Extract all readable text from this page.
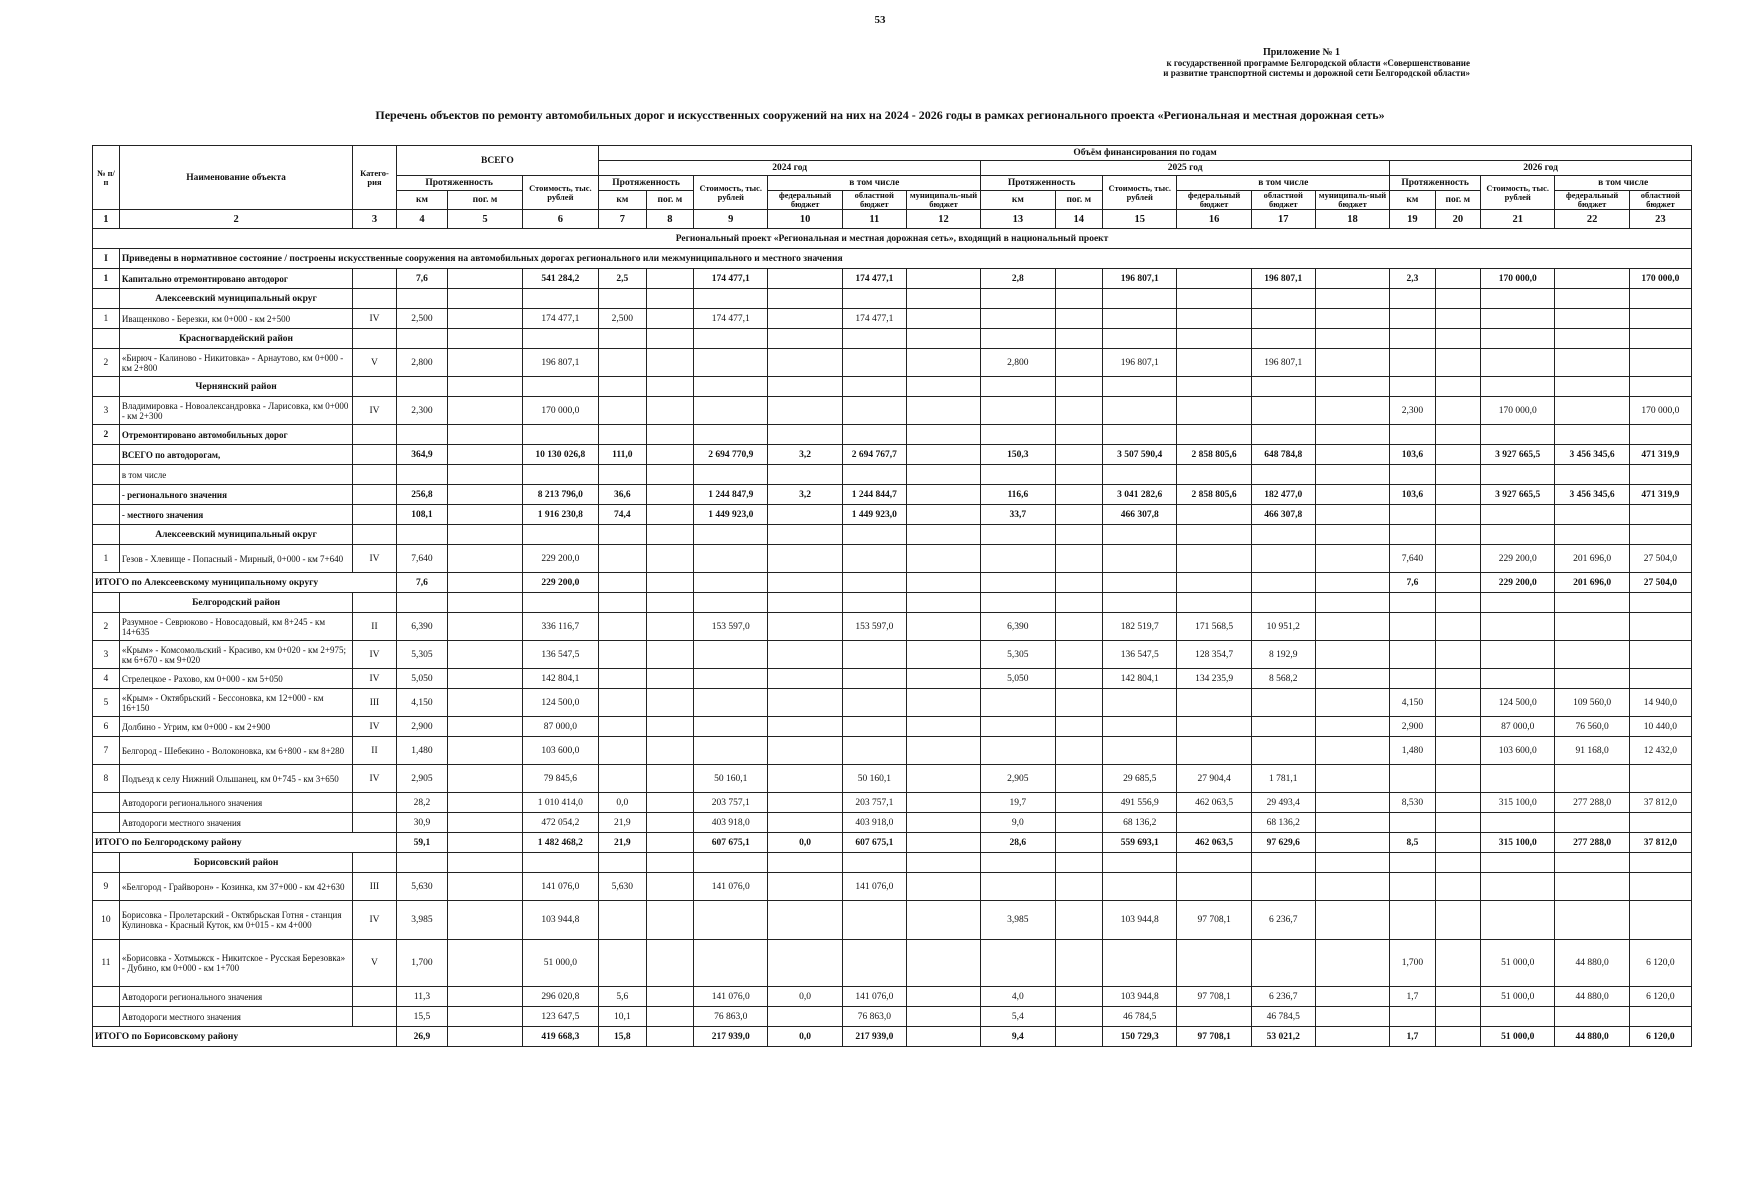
53
Приложение № 1
к государственной программе Белгородской области «Совершенствование
и развитие транспортной системы и дорожной сети Белгородской области»
Перечень объектов по ремонту автомобильных дорог и искусственных сооружений на них на 2024 - 2026 годы в рамках регионального проекта «Региональная и местная дорожная сеть»
№ п/п	Наименование объекта	Катего-рия	ВСЕГО			Объём финансирования по годам																
						2024 год						2025 год						2026 год				
			Протяженность		Стоимость, тыс. рублей	Протяженность		Стоимость, тыс. рублей	в том числе			Протяженность		Стоимость, тыс. рублей	в том числе			Протяженность		Стоимость, тыс. рублей	в том числе	
			км	пог. м		км	пог. м		федеральный бюджет	областной бюджет	муниципаль-ный бюджет	км	пог. м		федеральный бюджет	областной бюджет	муниципаль-ный бюджет	км	пог. м		федеральный бюджет	областной бюджет
1	2	3	4	5	6	7	8	9	10	11	12	13	14	15	16	17	18	19	20	21	22	23
Региональный проект «Региональная и местная дорожная сеть», входящий в национальный проект																						
I	Приведены в нормативное состояние / построены искусственные сооружения на автомобильных дорогах регионального или межмуниципального и местного значения																					
1	Капитально отремонтировано автодорог		7,6		541 284,2	2,5		174 477,1		174 477,1		2,8		196 807,1		196 807,1		2,3		170 000,0		170 000,0
	Алексеевский муниципальный округ																					
1	Иващенково - Березки, км 0+000 - км 2+500	IV	2,500		174 477,1	2,500		174 477,1		174 477,1												
	Красногвардейский район																					
2	«Бирюч - Калиново - Никитовка» - Арнаутово, км 0+000 - км 2+800	V	2,800		196 807,1							2,800		196 807,1		196 807,1						
	Чернянский район																					
3	Владимировка - Новоалександровка - Ларисовка, км 0+000 - км 2+300	IV	2,300		170 000,0													2,300		170 000,0		170 000,0
2	Отремонтировано автомобильных дорог																					
	ВСЕГО по автодорогам,		364,9		10 130 026,8	111,0		2 694 770,9	3,2	2 694 767,7		150,3		3 507 590,4	2 858 805,6	648 784,8		103,6		3 927 665,5	3 456 345,6	471 319,9
	в том числе																					
	- регионального значения		256,8		8 213 796,0	36,6		1 244 847,9	3,2	1 244 844,7		116,6		3 041 282,6	2 858 805,6	182 477,0		103,6		3 927 665,5	3 456 345,6	471 319,9
	- местного значения		108,1		1 916 230,8	74,4		1 449 923,0		1 449 923,0		33,7		466 307,8		466 307,8						
	Алексеевский муниципальный округ																					
1	Гезов - Хлевище - Попасный - Мирный, 0+000 - км 7+640	IV	7,640		229 200,0													7,640		229 200,0	201 696,0	27 504,0
ИТОГО по Алексеевскому муниципальному округу			7,6		229 200,0													7,6		229 200,0	201 696,0	27 504,0
	Белгородский район																					
2	Разумное - Севрюково - Новосадовый, км 8+245 - км 14+635	II	6,390		336 116,7			153 597,0		153 597,0		6,390		182 519,7	171 568,5	10 951,2						
3	«Крым» - Комсомольский - Красиво, км 0+020 - км 2+975; км 6+670 - км 9+020	IV	5,305		136 547,5							5,305		136 547,5	128 354,7	8 192,9						
4	Стрелецкое - Рахово, км 0+000 - км 5+050	IV	5,050		142 804,1							5,050		142 804,1	134 235,9	8 568,2						
5	«Крым» - Октябрьский - Бессоновка, км 12+000 - км 16+150	III	4,150		124 500,0													4,150		124 500,0	109 560,0	14 940,0
6	Долбино - Угрим, км 0+000 - км 2+900	IV	2,900		87 000,0													2,900		87 000,0	76 560,0	10 440,0
7	Белгород - Шебекино - Волоконовка, км 6+800 - км 8+280	II	1,480		103 600,0													1,480		103 600,0	91 168,0	12 432,0
8	Подъезд к селу Нижний Ольшанец, км 0+745 - км 3+650	IV	2,905		79 845,6			50 160,1		50 160,1		2,905		29 685,5	27 904,4	1 781,1						
	Автодороги регионального значения		28,2		1 010 414,0	0,0		203 757,1		203 757,1		19,7		491 556,9	462 063,5	29 493,4		8,530		315 100,0	277 288,0	37 812,0
	Автодороги местного значения		30,9		472 054,2	21,9		403 918,0		403 918,0		9,0		68 136,2		68 136,2						
ИТОГО по Белгородскому району			59,1		1 482 468,2	21,9		607 675,1	0,0	607 675,1		28,6		559 693,1	462 063,5	97 629,6		8,5		315 100,0	277 288,0	37 812,0
	Борисовский район																					
9	«Белгород - Грайворон» - Козинка, км 37+000 - км 42+630	III	5,630		141 076,0	5,630		141 076,0		141 076,0												
10	Борисовка - Пролетарский - Октябрьская Готня - станция Кулиновка - Красный Куток, км 0+015 - км 4+000	IV	3,985		103 944,8							3,985		103 944,8	97 708,1	6 236,7						
11	«Борисовка - Хотмыжск - Никитское - Русская Березовка» - Дубино, км 0+000 - км 1+700	V	1,700		51 000,0													1,700		51 000,0	44 880,0	6 120,0
	Автодороги регионального значения		11,3		296 020,8	5,6		141 076,0	0,0	141 076,0		4,0		103 944,8	97 708,1	6 236,7		1,7		51 000,0	44 880,0	6 120,0
	Автодороги местного значения		15,5		123 647,5	10,1		76 863,0		76 863,0		5,4		46 784,5		46 784,5						
ИТОГО по Борисовскому району			26,9		419 668,3	15,8		217 939,0	0,0	217 939,0		9,4		150 729,3	97 708,1	53 021,2		1,7		51 000,0	44 880,0	6 120,0
